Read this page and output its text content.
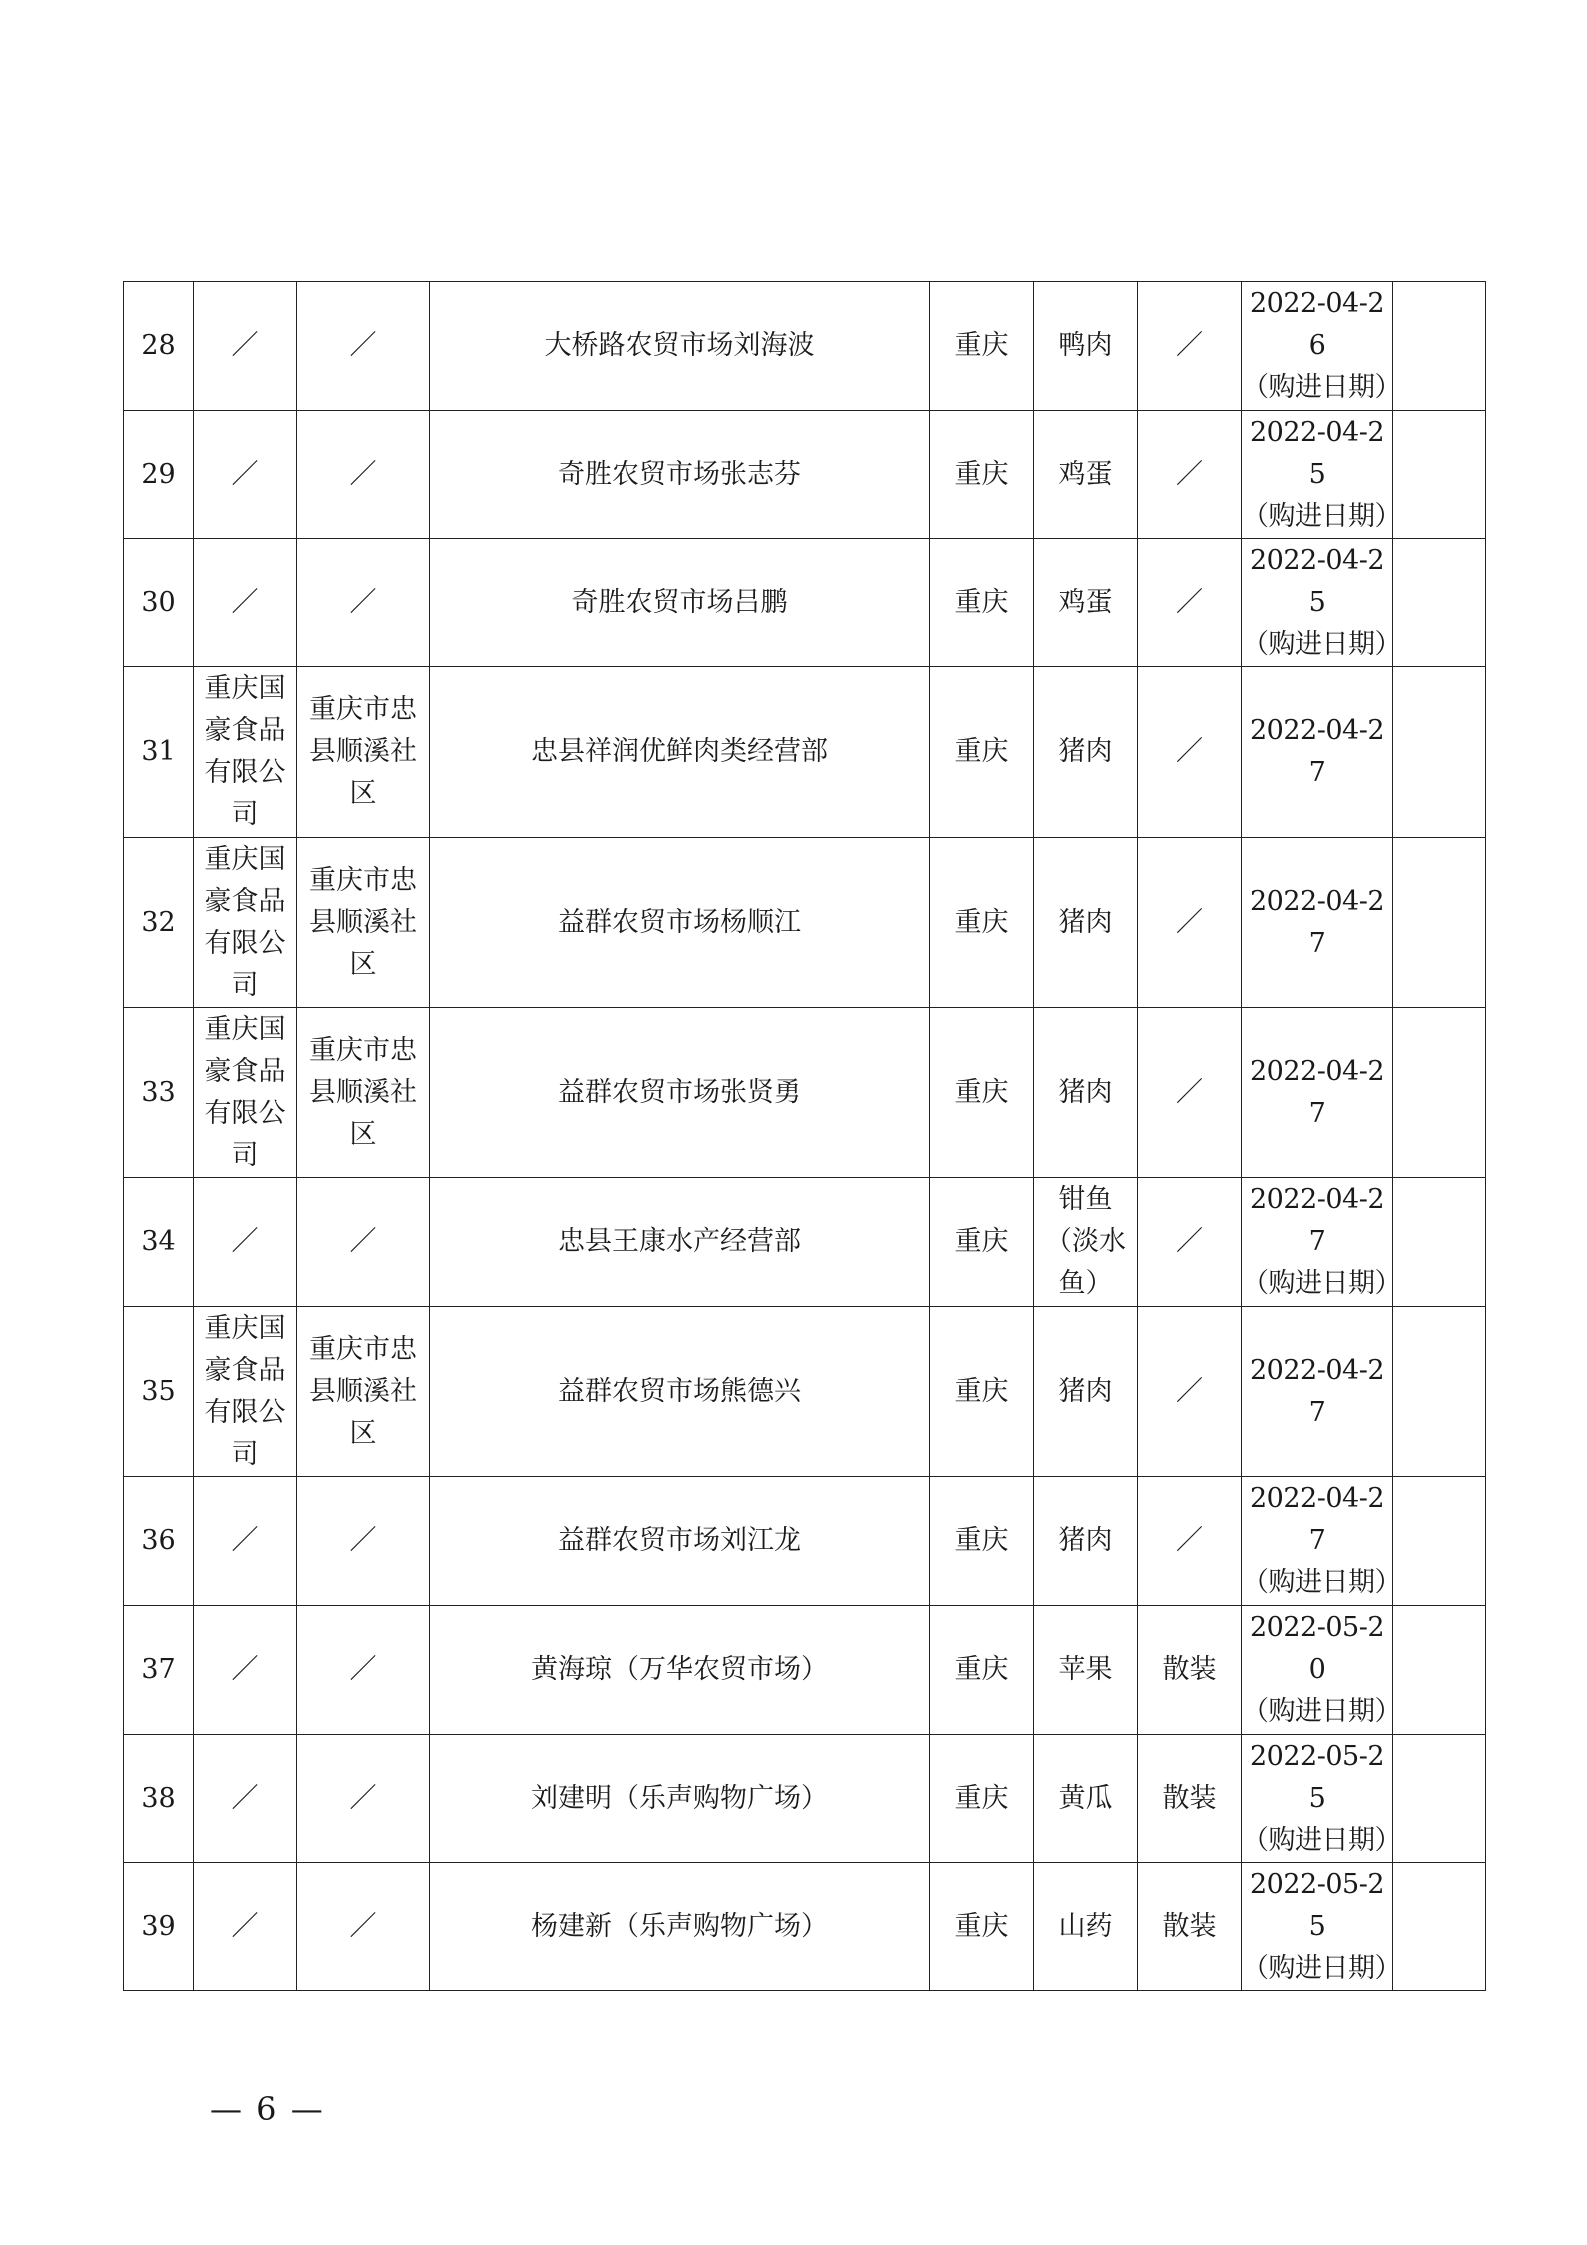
28	／	／	大桥路农贸市场刘海波	重庆	鸭肉	／	2022-04-26
（购进日期）	

29	／	／	奇胜农贸市场张志芬	重庆	鸡蛋	／	2022-04-25
（购进日期）	

30	／	／	奇胜农贸市场吕鹏	重庆	鸡蛋	／	2022-04-25
（购进日期）	

31	重庆国豪食品有限公司	重庆市忠县顺溪社区	忠县祥润优鲜肉类经营部	重庆	猪肉	／	2022-04-27	

32	重庆国豪食品有限公司	重庆市忠县顺溪社区	益群农贸市场杨顺江	重庆	猪肉	／	2022-04-27	

33	重庆国豪食品有限公司	重庆市忠县顺溪社区	益群农贸市场张贤勇	重庆	猪肉	／	2022-04-27	

34	／	／	忠县王康水产经营部	重庆	钳鱼（淡水鱼）	／	2022-04-27
（购进日期）	

35	重庆国豪食品有限公司	重庆市忠县顺溪社区	益群农贸市场熊德兴	重庆	猪肉	／	2022-04-27	

36	／	／	益群农贸市场刘江龙	重庆	猪肉	／	2022-04-27
（购进日期）	

37	／	／	黄海琼（万华农贸市场）	重庆	苹果	散装	2022-05-20
（购进日期）	

38	／	／	刘建明（乐声购物广场）	重庆	黄瓜	散装	2022-05-25
（购进日期）	

39	／	／	杨建新（乐声购物广场）	重庆	山药	散装	2022-05-25
（购进日期）	

— 6 —
